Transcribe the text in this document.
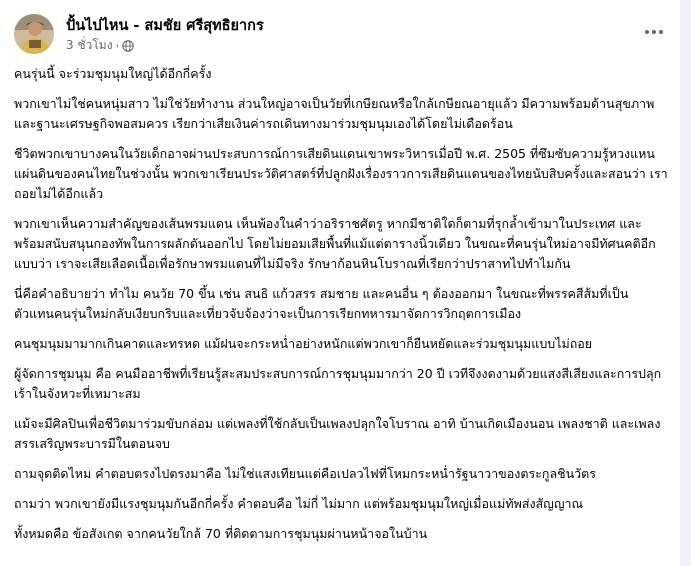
ปั้นไปไหน - สมชัย ศรีสุทธิยากร
3 ชั่วโมง ·

คนรุ่นนี้ จะร่วมชุมนุมใหญ่ได้อีกกี่ครั้ง

พวกเขาไม่ใช่คนหนุ่มสาว ไม่ใช่วัยทำงาน ส่วนใหญ่อาจเป็นวัยที่เกษียณหรือใกล้เกษียณอายุแล้ว มีความพร้อมด้านสุขภาพและฐานะเศรษฐกิจพอสมควร เรียกว่าเสียเงินค่ารถเดินทางมาร่วมชุมนุมเองได้โดยไม่เดือดร้อน

ชีวิตพวกเขาบางคนในวัยเด็กอาจผ่านประสบการณ์การเสียดินแดนเขาพระวิหารเมื่อปี พ.ศ. 2505 ที่ซึมซับความรู้หวงแหนแผ่นดินของคนไทยในช่วงนั้น พวกเขาเรียนประวัติศาสตร์ที่ปลูกฝังเรื่องราวการเสียดินแดนของไทยนับสิบครั้งและสอนว่า เราถอยไม่ได้อีกแล้ว

พวกเขาเห็นความสำคัญของเส้นพรมแดน เห็นพ้องในคำว่าอริราชศัตรู หากมีชาติใดก็ตามที่รุกล้ำเข้ามาในประเทศ และพร้อมสนับสนุนกองทัพในการผลักดันออกไป โดยไม่ยอมเสียพื้นที่แม้แต่ตารางนิ้วเดียว ในขณะที่คนรุ่นใหม่อาจมีทัศนคติอีกแบบว่า เราจะเสียเลือดเนื้อเพื่อรักษาพรมแดนที่ไม่มีจริง รักษาก้อนหินโบราณที่เรียกว่าปราสาทไปทำไมกัน

นี่คือคำอธิบายว่า ทำไม คนวัย 70 ขึ้น เช่น สนธิ แก้วสรร สมชาย และคนอื่น ๆ ต้องออกมา ในขณะที่พรรคสีส้มที่เป็นตัวแทนคนรุ่นใหม่กลับเงียบกริบและเที่ยวจับจ้องว่าจะเป็นการเรียกทหารมาจัดการวิกฤตการเมือง

คนชุมนุมมามากเกินคาดและทรหด แม้ฝนจะกระหน่ำอย่างหนักแต่พวกเขาก็ยืนหยัดและร่วมชุมนุมแบบไม่ถอย

ผู้จัดการชุมนุม คือ คนมืออาชีพที่เรียนรู้สะสมประสบการณ์การชุมนุมมากว่า 20 ปี เวทีจึงงดงามด้วยแสงสีเสียงและการปลุกเร้าในจังหวะที่เหมาะสม

แม้จะมีศิลปินเพื่อชีวิตมาร่วมขับกล่อม แต่เพลงที่ใช้กลับเป็นเพลงปลุกใจโบราณ อาทิ บ้านเกิดเมืองนอน เพลงชาติ และเพลงสรรเสริญพระบารมีในตอนจบ

ถามจุดติดไหม คำตอบตรงไปตรงมาคือ ไม่ใช่แสงเทียนแต่คือเปลวไฟที่โหมกระหน่ำรัฐนาวาของตระกูลชินวัตร

ถามว่า พวกเขายังมีแรงชุมนุมกันอีกกี่ครั้ง คำตอบคือ ไม่กี่ ไม่มาก แต่พร้อมชุมนุมใหญ่เมื่อแม่ทัพส่งสัญญาณ

ทั้งหมดคือ ข้อสังเกต จากคนวัยใกล้ 70 ที่ติดตามการชุมนุมผ่านหน้าจอในบ้าน
